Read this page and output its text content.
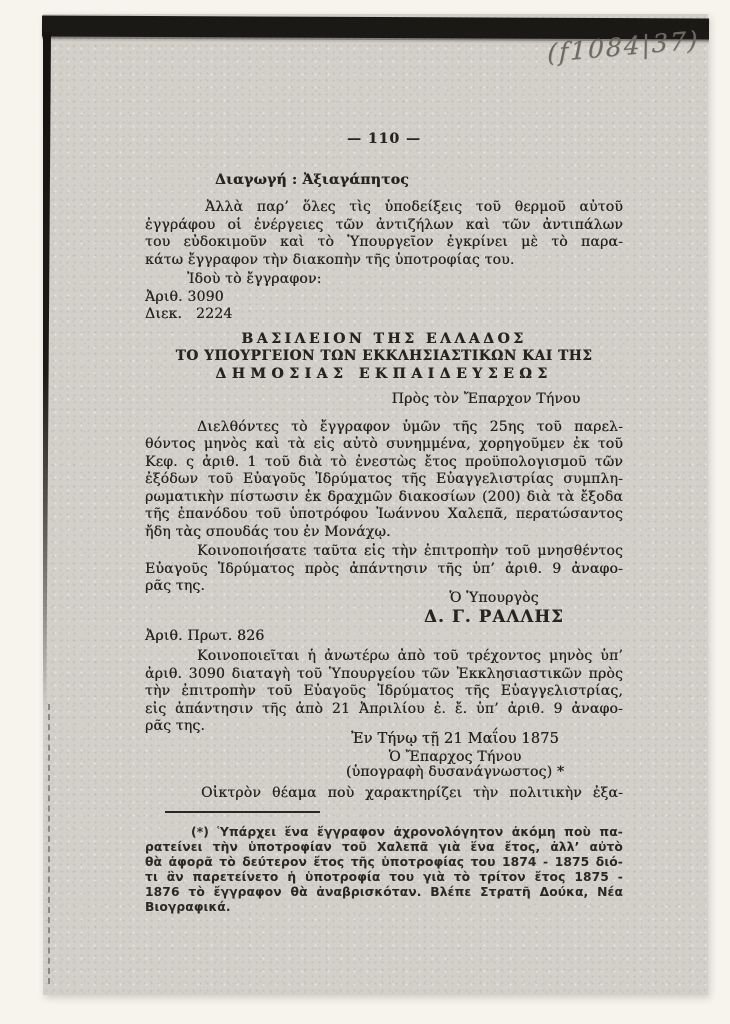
(f1084|37)
— 110 —
Διαγωγή : Ἀξιαγάπητος
Ἀλλὰ παρ’ ὅλες τὶς ὑποδείξεις τοῦ θερμοῦ αὐτοῦ
ἐγγράφου οἱ ἐνέργειες τῶν ἀντιζήλων καὶ τῶν ἀντιπάλων
του εὐδοκιμοῦν καὶ τὸ Ὑπουργεῖον ἐγκρίνει μὲ τὸ παρα-
κάτω ἔγγραφον τὴν διακοπὴν τῆς ὑποτροφίας του.
Ἰδοὺ τὸ ἔγγραφον:
Ἀριθ. 3090
Διεκ.   2224
ΒΑΣΙΛΕΙΟΝ ΤΗΣ ΕΛΛΑΔΟΣ
ΤΟ ΥΠΟΥΡΓΕΙΟΝ ΤΩΝ ΕΚΚΛΗΣΙΑΣΤΙΚΩΝ ΚΑΙ ΤΗΣ
ΔΗΜΟΣΙΑΣ ΕΚΠΑΙΔΕΥΣΕΩΣ
Πρὸς τὸν Ἔπαρχον Τήνου
Διελθόντες τὸ ἔγγραφον ὑμῶν τῆς 25ης τοῦ παρελ-
θόντος μηνὸς καὶ τὰ εἰς αὐτὸ συνημμένα, χορηγοῦμεν ἐκ τοῦ
Κεφ. ς ἀριθ. 1 τοῦ διὰ τὸ ἐνεστὼς ἔτος προϋπολογισμοῦ τῶν
ἐξόδων τοῦ Εὐαγοῦς Ἱδρύματος τῆς Εὐαγγελιστρίας συμπλη-
ρωματικὴν πίστωσιν ἐκ δραχμῶν διακοσίων (200) διὰ τὰ ἔξοδα
τῆς ἐπανόδου τοῦ ὑποτρόφου Ἰωάννου Χαλεπᾶ, περατώσαντος
ἤδη τὰς σπουδάς του ἐν Μονάχῳ.
Κοινοποιήσατε ταῦτα εἰς τὴν ἐπιτροπὴν τοῦ μνησθέντος
Εὐαγοῦς Ἱδρύματος πρὸς ἀπάντησιν τῆς ὑπ’ ἀριθ. 9 ἀναφο-
ρᾶς της.
Ὁ Ὑπουργὸς
Δ. Γ. ΡΑΛΛΗΣ
Ἀριθ. Πρωτ. 826
Κοινοποιεῖται ἡ ἀνωτέρω ἀπὸ τοῦ τρέχοντος μηνὸς ὑπ’
ἀριθ. 3090 διαταγὴ τοῦ Ὑπουργείου τῶν Ἐκκλησιαστικῶν πρὸς
τὴν ἐπιτροπὴν τοῦ Εὐαγοῦς Ἱδρύματος τῆς Εὐαγγελιστρίας,
εἰς ἀπάντησιν τῆς ἀπὸ 21 Ἀπριλίου ἐ. ἔ. ὑπ’ ἀριθ. 9 ἀναφο-
ρᾶς της.
Ἐν Τήνῳ τῇ 21 Μαΐου 1875
Ὁ Ἔπαρχος Τήνου
(ὑπογραφὴ δυσανάγνωστος) *
Οἰκτρὸν θέαμα ποὺ χαρακτηρίζει τὴν πολιτικὴν ἐξα-
(*) Ὑπάρχει ἕνα ἔγγραφον ἀχρονολόγητον ἀκόμη ποὺ πα-
ρατείνει τὴν ὑποτροφίαν τοῦ Χαλεπᾶ γιὰ ἕνα ἔτος, ἀλλ’ αὐτὸ
θὰ ἀφορᾶ τὸ δεύτερον ἔτος τῆς ὑποτροφίας του 1874 - 1875 διό-
τι ἂν παρετείνετο ἡ ὑποτροφία του γιὰ τὸ τρίτον ἔτος 1875 -
1876 τὸ ἔγγραφον θὰ ἀναβρισκόταν. Βλέπε Στρατῆ Δούκα, Νέα
Βιογραφικά.
